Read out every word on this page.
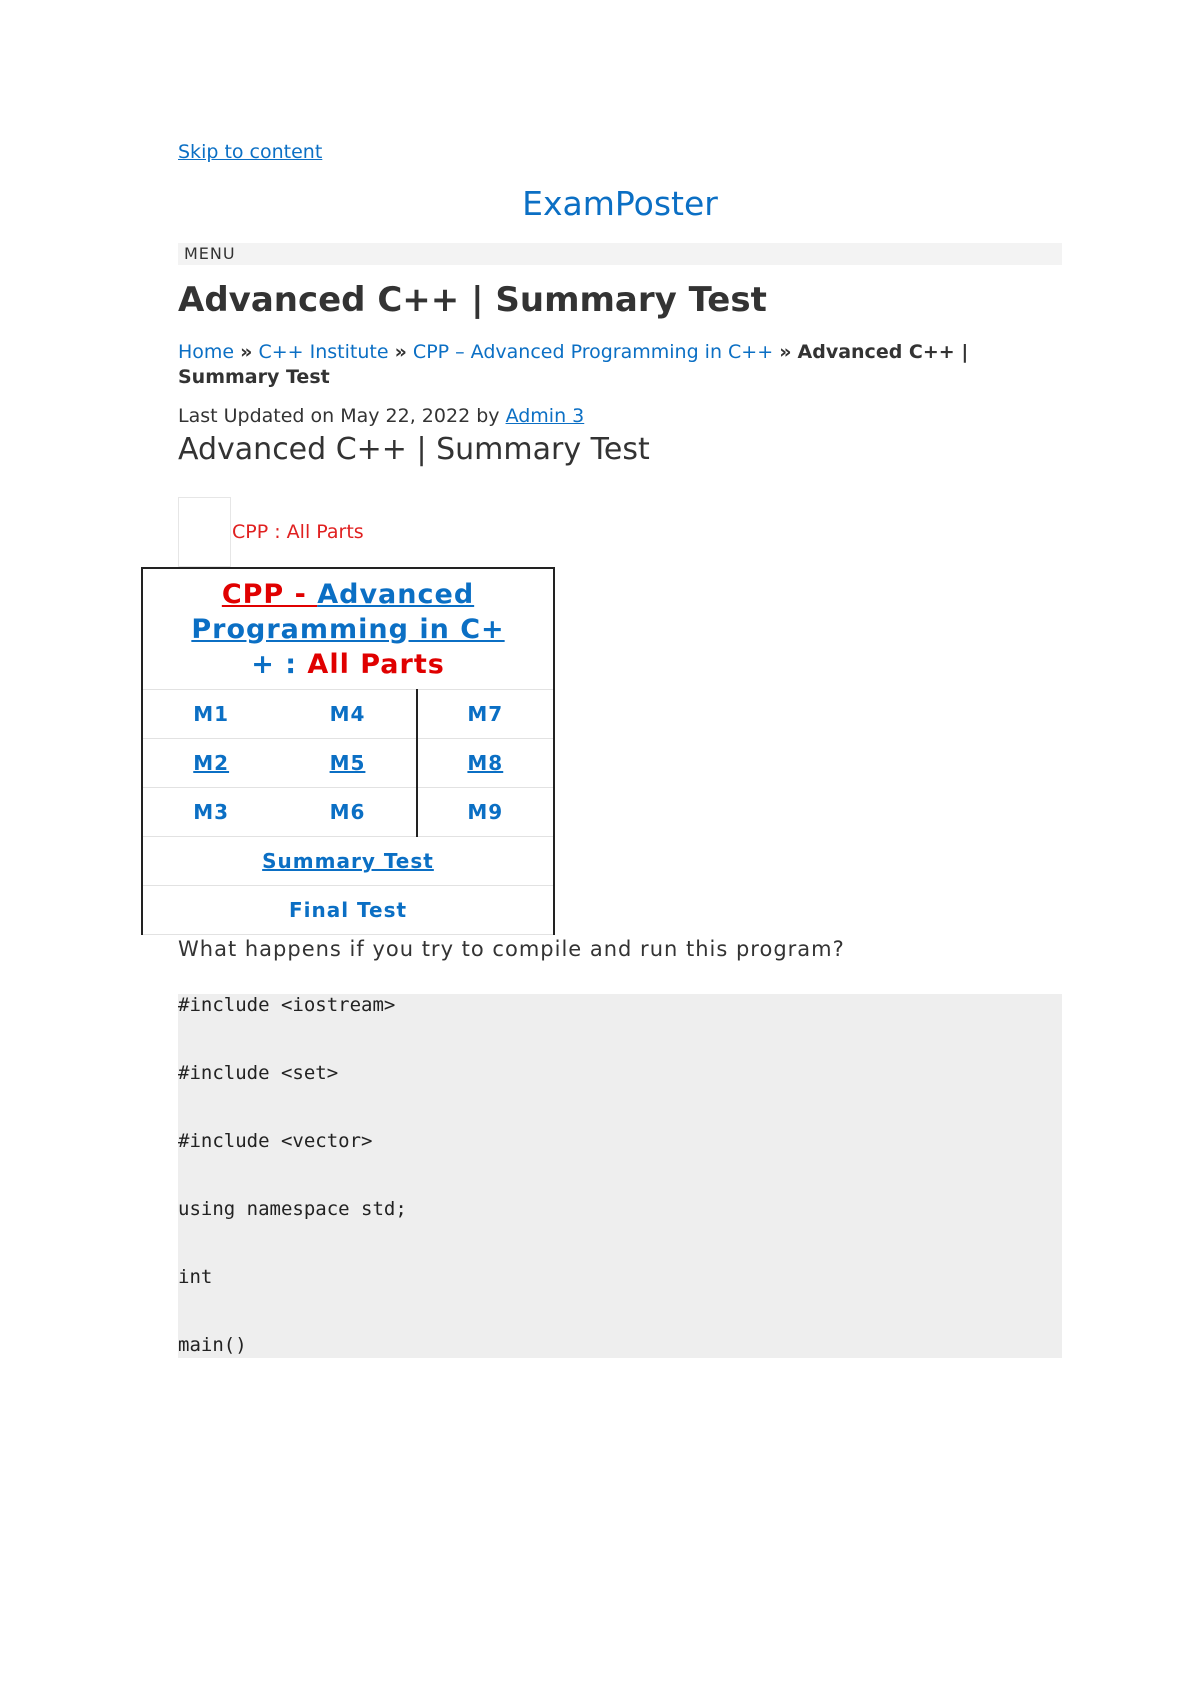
Skip to content
ExamPoster
MENU
Advanced C++ | Summary Test
Home » C++ Institute » CPP – Advanced Programming in C++ » Advanced C++ | Summary Test
Last Updated on May 22, 2022 by Admin 3
Advanced C++ | Summary Test
CPP : All Parts
CPP - Advanced Programming in C+
+ : All Parts		
M1	M4	M7
M2	M5	M8
M3	M6	M9
Summary Test		
Final Test		
What happens if you try to compile and run this program?
#include <iostream>
#include <set>
#include <vector>
using namespace std;
int
main()
